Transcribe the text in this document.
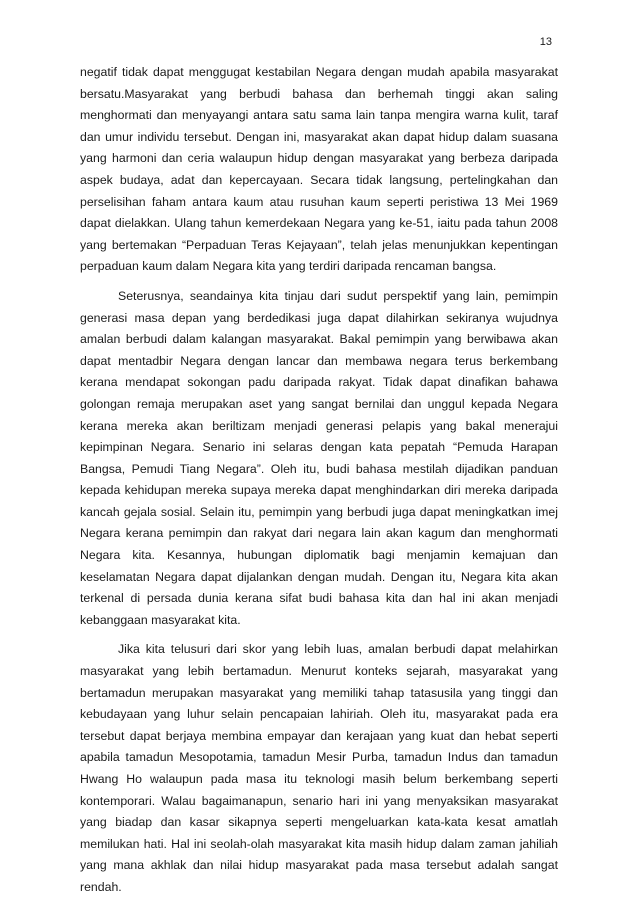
13

negatif tidak dapat menggugat kestabilan Negara dengan mudah apabila masyarakat bersatu.Masyarakat yang berbudi bahasa dan berhemah tinggi akan saling menghormati dan menyayangi antara satu sama lain tanpa mengira warna kulit, taraf dan umur individu tersebut. Dengan ini, masyarakat akan dapat hidup dalam suasana yang harmoni dan ceria walaupun hidup dengan masyarakat yang berbeza daripada aspek budaya, adat dan kepercayaan. Secara tidak langsung, pertelingkahan dan perselisihan faham antara kaum atau rusuhan kaum seperti peristiwa 13 Mei 1969 dapat dielakkan. Ulang tahun kemerdekaan Negara yang ke-51, iaitu pada tahun 2008 yang bertemakan “Perpaduan Teras Kejayaan”, telah jelas menunjukkan kepentingan perpaduan kaum dalam Negara kita yang terdiri daripada rencaman bangsa.

Seterusnya, seandainya kita tinjau dari sudut perspektif yang lain, pemimpin generasi masa depan yang berdedikasi juga dapat dilahirkan sekiranya wujudnya amalan berbudi dalam kalangan masyarakat. Bakal pemimpin yang berwibawa akan dapat mentadbir Negara dengan lancar dan membawa negara terus berkembang kerana mendapat sokongan padu daripada rakyat. Tidak dapat dinafikan bahawa golongan remaja merupakan aset yang sangat bernilai dan unggul kepada Negara kerana mereka akan beriltizam menjadi generasi pelapis yang bakal menerajui kepimpinan Negara. Senario ini selaras dengan kata pepatah “Pemuda Harapan Bangsa, Pemudi Tiang Negara”. Oleh itu, budi bahasa mestilah dijadikan panduan kepada kehidupan mereka supaya mereka dapat menghindarkan diri mereka daripada kancah gejala sosial. Selain itu, pemimpin yang berbudi juga dapat meningkatkan imej Negara kerana pemimpin dan rakyat dari negara lain akan kagum dan menghormati Negara kita. Kesannya, hubungan diplomatik bagi menjamin kemajuan dan keselamatan Negara dapat dijalankan dengan mudah. Dengan itu, Negara kita akan terkenal di persada dunia kerana sifat budi bahasa kita dan hal ini akan menjadi kebanggaan masyarakat kita.

Jika kita telusuri dari skor yang lebih luas, amalan berbudi dapat melahirkan masyarakat yang lebih bertamadun. Menurut konteks sejarah, masyarakat yang bertamadun merupakan masyarakat yang memiliki tahap tatasusila yang tinggi dan kebudayaan yang luhur selain pencapaian lahiriah. Oleh itu, masyarakat pada era tersebut dapat berjaya membina empayar dan kerajaan yang kuat dan hebat seperti apabila tamadun Mesopotamia, tamadun Mesir Purba, tamadun Indus dan tamadun Hwang Ho walaupun pada masa itu teknologi masih belum berkembang seperti kontemporari. Walau bagaimanapun, senario hari ini yang menyaksikan masyarakat yang biadap dan kasar sikapnya seperti mengeluarkan kata-kata kesat amatlah memilukan hati. Hal ini seolah-olah masyarakat kita masih hidup dalam zaman jahiliah yang mana akhlak dan nilai hidup masyarakat pada masa tersebut adalah sangat rendah.
